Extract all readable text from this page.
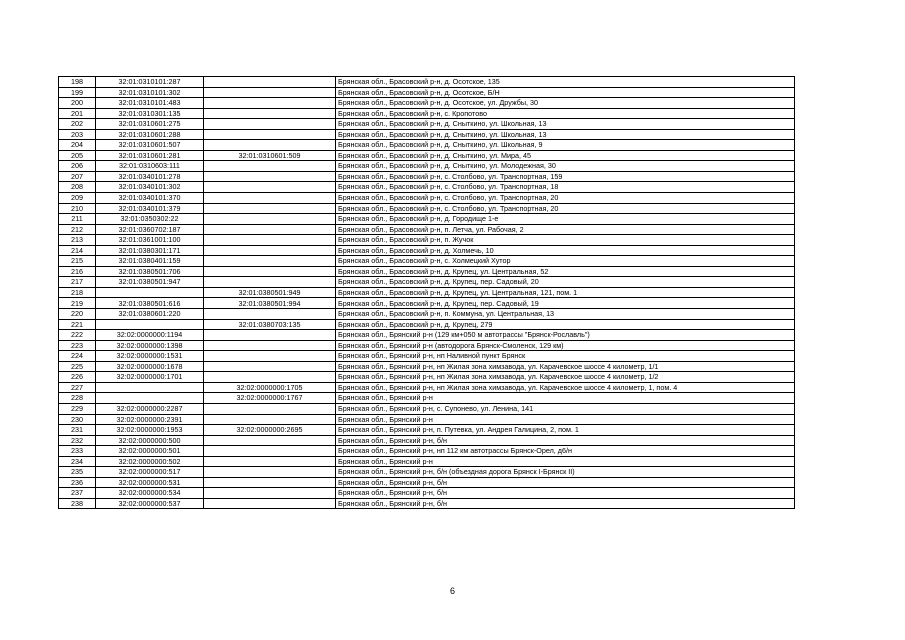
198	32:01:0310101:287		Брянская обл., Брасовский р-н, д. Осотское, 135
199	32:01:0310101:302		Брянская обл., Брасовский р-н, д. Осотское, Б/Н
200	32:01:0310101:483		Брянская обл., Брасовский р-н, д. Осотское, ул. Дружбы, 30
201	32:01:0310301:135		Брянская обл., Брасовский р-н, с. Кропотово
202	32:01:0310601:275		Брянская обл., Брасовский р-н, д. Сныткино, ул. Школьная, 13
203	32:01:0310601:288		Брянская обл., Брасовский р-н, д. Сныткино, ул. Школьная, 13
204	32:01:0310601:507		Брянская обл., Брасовский р-н, д. Сныткино, ул. Школьная, 9
205	32:01:0310601:281	32:01:0310601:509	Брянская обл., Брасовский р-н, д. Сныткино, ул. Мира, 45
206	32:01:0310603:111		Брянская обл., Брасовский р-н, д. Сныткино, ул. Молодежная, 30
207	32:01:0340101:278		Брянская обл., Брасовский р-н, с. Столбово, ул. Транспортная, 159
208	32:01:0340101:302		Брянская обл., Брасовский р-н, с. Столбово, ул. Транспортная, 18
209	32:01:0340101:370		Брянская обл., Брасовский р-н, с. Столбово, ул. Транспортная, 20
210	32:01:0340101:379		Брянская обл., Брасовский р-н, с. Столбово, ул. Транспортная, 20
211	32:01:0350302:22		Брянская обл., Брасовский р-н, д. Городище 1-е
212	32:01:0360702:187		Брянская обл., Брасовский р-н, п. Летча, ул. Рабочая, 2
213	32:01:0361001:100		Брянская обл., Брасовский р-н, п. Жучок
214	32:01:0380301:171		Брянская обл., Брасовский р-н, д. Холмечь, 10
215	32:01:0380401:159		Брянская обл., Брасовский р-н, с. Холмецкий Хутор
216	32:01:0380501:706		Брянская обл., Брасовский р-н, д. Крупец, ул. Центральная, 52
217	32:01:0380501:947		Брянская обл., Брасовский р-н, д. Крупец, пер. Садовый, 20
218		32:01:0380501:949	Брянская обл., Брасовский р-н, д. Крупец, ул. Центральная, 121, пом. 1
219	32:01:0380501:616	32:01:0380501:994	Брянская обл., Брасовский р-н, д. Крупец, пер. Садовый, 19
220	32:01:0380601:220		Брянская обл., Брасовский р-н, п. Коммуна, ул. Центральная, 13
221		32:01:0380703:135	Брянская обл., Брасовский р-н, д. Крупец, 279
222	32:02:0000000:1194		Брянская обл., Брянский р-н (129 км+050 м автотрассы "Брянск-Рославль")
223	32:02:0000000:1398		Брянская обл., Брянский р-н (автодорога Брянск-Смоленск, 129 км)
224	32:02:0000000:1531		Брянская обл., Брянский р-н, нп Наливной пункт Брянск
225	32:02:0000000:1678		Брянская обл., Брянский р-н, нп Жилая зона химзавода, ул. Карачевское шоссе 4 километр, 1/1
226	32:02:0000000:1701		Брянская обл., Брянский р-н, нп Жилая зона химзавода, ул. Карачевское шоссе 4 километр, 1/2
227		32:02:0000000:1705	Брянская обл., Брянский р-н, нп Жилая зона химзавода, ул. Карачевское шоссе 4 километр, 1, пом. 4
228		32:02:0000000:1767	Брянская обл., Брянский р-н
229	32:02:0000000:2287		Брянская обл., Брянский р-н, с. Супонево, ул. Ленина, 141
230	32:02:0000000:2391		Брянская обл., Брянский р-н
231	32:02:0000000:1953	32:02:0000000:2695	Брянская обл., Брянский р-н, п. Путевка, ул. Андрея Галицина, 2, пом. 1
232	32:02:0000000:500		Брянская обл., Брянский р-н, б/н
233	32:02:0000000:501		Брянская обл., Брянский р-н, нп 112 км автотрассы Брянск-Орел, д6/н
234	32:02:0000000:502		Брянская обл., Брянский р-н
235	32:02:0000000:517		Брянская обл., Брянский р-н, б/н (объездная дорога Брянск I-Брянск II)
236	32:02:0000000:531		Брянская обл., Брянский р-н, б/н
237	32:02:0000000:534		Брянская обл., Брянский р-н, б/н
238	32:02:0000000:537		Брянская обл., Брянский р-н, б/н
6
